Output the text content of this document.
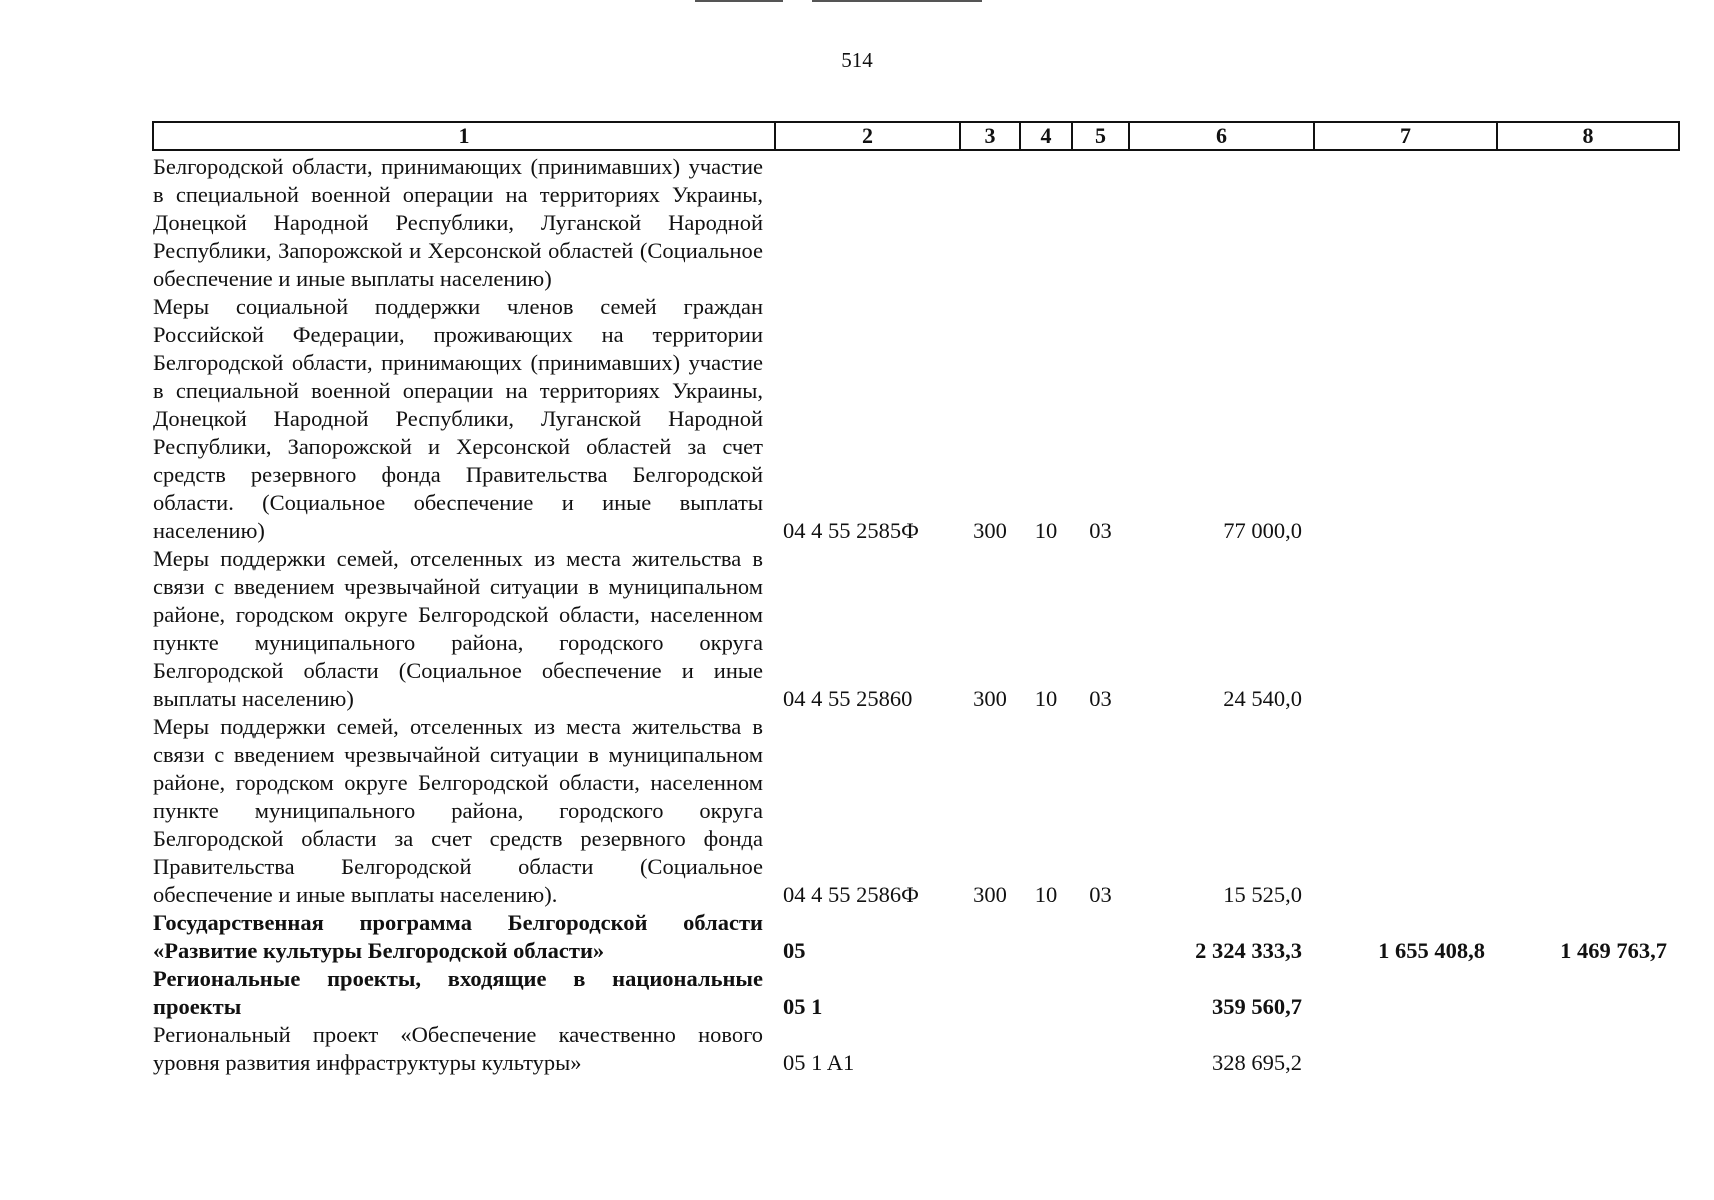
514
1	2	3	4	5	6	7	8

Белгородской области, принимающих (принимавших) участие в специальной военной операции на территориях Украины, Донецкой Народной Республики, Луганской Народной Республики, Запорожской и Херсонской областей (Социальное обеспечение и иные выплаты населению)							
Меры социальной поддержки членов семей граждан Российской Федерации, проживающих на территории Белгородской области, принимающих (принимавших) участие в специальной военной операции на территориях Украины, Донецкой Народной Республики, Луганской Народной Республики, Запорожской и Херсонской областей за счет средств резервного фонда Правительства Белгородской области. (Социальное обеспечение и иные выплаты населению)	04 4 55 2585Ф	300	10	03	77 000,0		
Меры поддержки семей, отселенных из места жительства в связи с введением чрезвычайной ситуации в муниципальном районе, городском округе Белгородской области, населенном пункте муниципального района, городского округа Белгородской области (Социальное обеспечение и иные выплаты населению)	04 4 55 25860	300	10	03	24 540,0		
Меры поддержки семей, отселенных из места жительства в связи с введением чрезвычайной ситуации в муниципальном районе, городском округе Белгородской области, населенном пункте муниципального района, городского округа Белгородской области за счет средств резервного фонда Правительства Белгородской области (Социальное обеспечение и иные выплаты населению).	04 4 55 2586Ф	300	10	03	15 525,0		
Государственная программа Белгородской области «Развитие культуры Белгородской области»	05				2 324 333,3	1 655 408,8	1 469 763,7
Региональные проекты, входящие в национальные проекты	05 1				359 560,7		
Региональный проект «Обеспечение качественно нового уровня развития инфраструктуры культуры»	05 1 A1				328 695,2		
